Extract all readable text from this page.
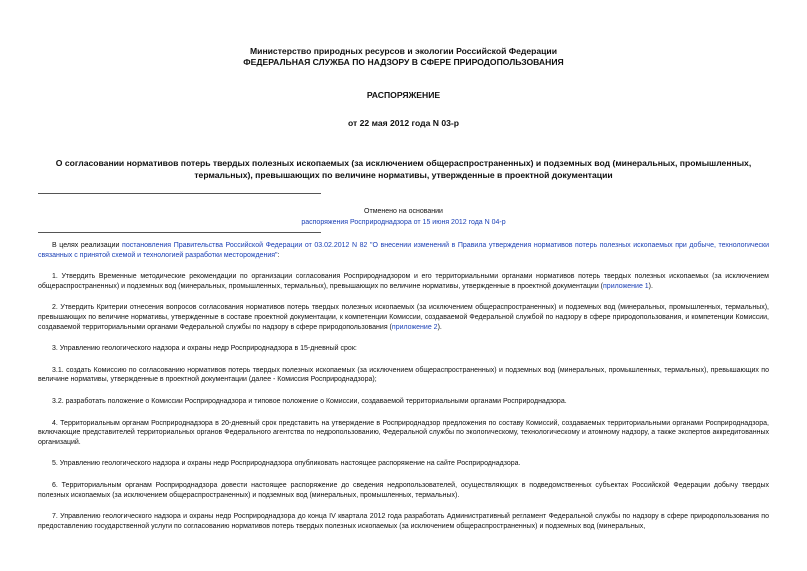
Министерство природных ресурсов и экологии Российской Федерации
ФЕДЕРАЛЬНАЯ СЛУЖБА ПО НАДЗОРУ В СФЕРЕ ПРИРОДОПОЛЬЗОВАНИЯ
РАСПОРЯЖЕНИЕ
от 22 мая 2012 года N 03-р
О согласовании нормативов потерь твердых полезных ископаемых (за исключением общераспространенных) и подземных вод (минеральных, промышленных, термальных), превышающих по величине нормативы, утвержденные в проектной документации
Отменено на основании
распоряжения Росприроднадзора от 15 июня 2012 года N 04-р

В целях реализации постановления Правительства Российской Федерации от 03.02.2012 N 82 "О внесении изменений в Правила утверждения нормативов потерь полезных ископаемых при добыче, технологически связанных с принятой схемой и технологией разработки месторождения":

1. Утвердить Временные методические рекомендации по организации согласования Росприроднадзором и его территориальными органами нормативов потерь твердых полезных ископаемых (за исключением общераспространенных) и подземных вод (минеральных, промышленных, термальных), превышающих по величине нормативы, утвержденные в проектной документации (приложение 1).

2. Утвердить Критерии отнесения вопросов согласования нормативов потерь твердых полезных ископаемых (за исключением общераспространенных) и подземных вод (минеральных, промышленных, термальных), превышающих по величине нормативы, утвержденные в составе проектной документации, к компетенции Комиссии, создаваемой Федеральной службой по надзору в сфере природопользования, и компетенции Комиссии, создаваемой территориальными органами Федеральной службы по надзору в сфере природопользования (приложение 2).

3. Управлению геологического надзора и охраны недр Росприроднадзора в 15-дневный срок:

3.1. создать Комиссию по согласованию нормативов потерь твердых полезных ископаемых (за исключением общераспространенных) и подземных вод (минеральных, промышленных, термальных), превышающих по величине нормативы, утвержденные в проектной документации (далее - Комиссия Росприроднадзора);

3.2. разработать положение о Комиссии Росприроднадзора и типовое положение о Комиссии, создаваемой территориальными органами Росприроднадзора.

4. Территориальным органам Росприроднадзора в 20-дневный срок представить на утверждение в Росприроднадзор предложения по составу Комиссий, создаваемых территориальными органами Росприроднадзора, включающие представителей территориальных органов Федерального агентства по недропользованию, Федеральной службы по экологическому, технологическому и атомному надзору, а также экспертов аккредитованных организаций.

5. Управлению геологического надзора и охраны недр Росприроднадзора опубликовать настоящее распоряжение на сайте Росприроднадзора.

6. Территориальным органам Росприроднадзора довести настоящее распоряжение до сведения недропользователей, осуществляющих в подведомственных субъектах Российской Федерации добычу твердых полезных ископаемых (за исключением общераспространенных) и подземных вод (минеральных, промышленных, термальных).

7. Управлению геологического надзора и охраны недр Росприроднадзора до конца IV квартала 2012 года разработать Административный регламент Федеральной службы по надзору в сфере природопользования по предоставлению государственной услуги по согласованию нормативов потерь твердых полезных ископаемых (за исключением общераспространенных) и подземных вод (минеральных,
